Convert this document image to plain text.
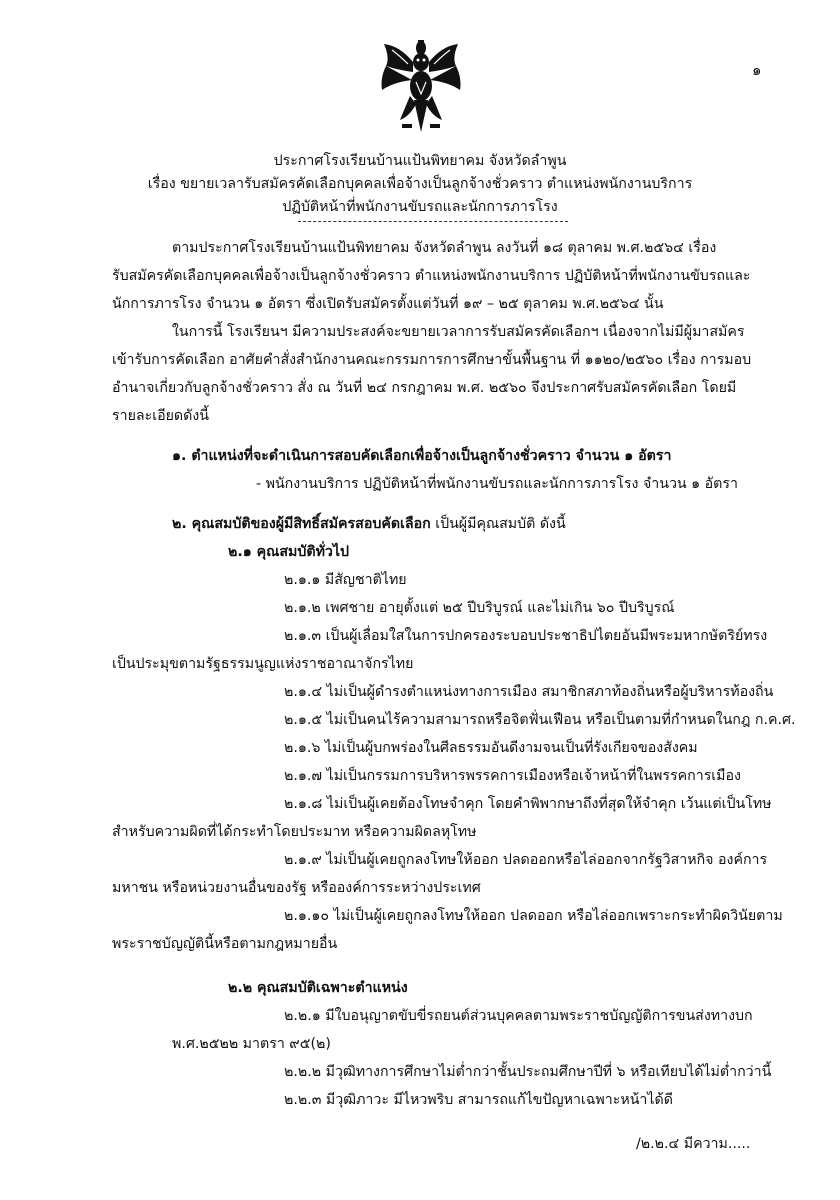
๑
ประกาศโรงเรียนบ้านแป้นพิทยาคม จังหวัดลำพูน
เรื่อง ขยายเวลารับสมัครคัดเลือกบุคคลเพื่อจ้างเป็นลูกจ้างชั่วคราว ตำแหน่งพนักงานบริการ
ปฏิบัติหน้าที่พนักงานขับรถและนักการภารโรง
ตามประกาศโรงเรียนบ้านแป้นพิทยาคม จังหวัดลำพูน ลงวันที่ ๑๘ ตุลาคม พ.ศ.๒๕๖๔ เรื่อง
รับสมัครคัดเลือกบุคคลเพื่อจ้างเป็นลูกจ้างชั่วคราว ตำแหน่งพนักงานบริการ ปฏิบัติหน้าที่พนักงานขับรถและ
นักการภารโรง จำนวน ๑ อัตรา ซึ่งเปิดรับสมัครตั้งแต่วันที่ ๑๙ – ๒๕ ตุลาคม พ.ศ.๒๕๖๔ นั้น
ในการนี้ โรงเรียนฯ มีความประสงค์จะขยายเวลาการรับสมัครคัดเลือกฯ เนื่องจากไม่มีผู้มาสมัคร
เข้ารับการคัดเลือก อาศัยคำสั่งสำนักงานคณะกรรมการการศึกษาขั้นพื้นฐาน ที่ ๑๑๒๐/๒๕๖๐ เรื่อง การมอบ
อำนาจเกี่ยวกับลูกจ้างชั่วคราว สั่ง ณ วันที่ ๒๔ กรกฎาคม พ.ศ. ๒๕๖๐ จึงประกาศรับสมัครคัดเลือก โดยมี
รายละเอียดดังนี้
๑. ตำแหน่งที่จะดำเนินการสอบคัดเลือกเพื่อจ้างเป็นลูกจ้างชั่วคราว จำนวน ๑ อัตรา
- พนักงานบริการ ปฏิบัติหน้าที่พนักงานขับรถและนักการภารโรง จำนวน ๑ อัตรา
๒. คุณสมบัติของผู้มีสิทธิ์สมัครสอบคัดเลือก เป็นผู้มีคุณสมบัติ ดังนี้
๒.๑ คุณสมบัติทั่วไป
๒.๑.๑ มีสัญชาติไทย
๒.๑.๒ เพศชาย อายุตั้งแต่ ๒๕ ปีบริบูรณ์ และไม่เกิน ๖๐ ปีบริบูรณ์
๒.๑.๓ เป็นผู้เลื่อมใสในการปกครองระบอบประชาธิปไตยอันมีพระมหากษัตริย์ทรง
เป็นประมุขตามรัฐธรรมนูญแห่งราชอาณาจักรไทย
๒.๑.๔ ไม่เป็นผู้ดำรงตำแหน่งทางการเมือง สมาชิกสภาท้องถิ่นหรือผู้บริหารท้องถิ่น
๒.๑.๕ ไม่เป็นคนไร้ความสามารถหรือจิตฟั่นเฟือน หรือเป็นตามที่กำหนดในกฎ ก.ค.ศ.
๒.๑.๖ ไม่เป็นผู้บกพร่องในศีลธรรมอันดีงามจนเป็นที่รังเกียจของสังคม
๒.๑.๗ ไม่เป็นกรรมการบริหารพรรคการเมืองหรือเจ้าหน้าที่ในพรรคการเมือง
๒.๑.๘ ไม่เป็นผู้เคยต้องโทษจำคุก โดยคำพิพากษาถึงที่สุดให้จำคุก เว้นแต่เป็นโทษ
สำหรับความผิดที่ได้กระทำโดยประมาท หรือความผิดลหุโทษ
๒.๑.๙ ไม่เป็นผู้เคยถูกลงโทษให้ออก ปลดออกหรือไล่ออกจากรัฐวิสาหกิจ องค์การ
มหาชน หรือหน่วยงานอื่นของรัฐ หรือองค์การระหว่างประเทศ
๒.๑.๑๐ ไม่เป็นผู้เคยถูกลงโทษให้ออก ปลดออก หรือไล่ออกเพราะกระทำผิดวินัยตาม
พระราชบัญญัตินี้หรือตามกฎหมายอื่น
๒.๒ คุณสมบัติเฉพาะตำแหน่ง
๒.๒.๑ มีใบอนุญาตขับขี่รถยนต์ส่วนบุคคลตามพระราชบัญญัติการขนส่งทางบก
พ.ศ.๒๕๒๒ มาตรา ๙๕(๒)
๒.๒.๒ มีวุฒิทางการศึกษาไม่ต่ำกว่าชั้นประถมศึกษาปีที่ ๖ หรือเทียบได้ไม่ต่ำกว่านี้
๒.๒.๓ มีวุฒิภาวะ มีไหวพริบ สามารถแก้ไขปัญหาเฉพาะหน้าได้ดี
/๒.๒.๔ มีความ.....
